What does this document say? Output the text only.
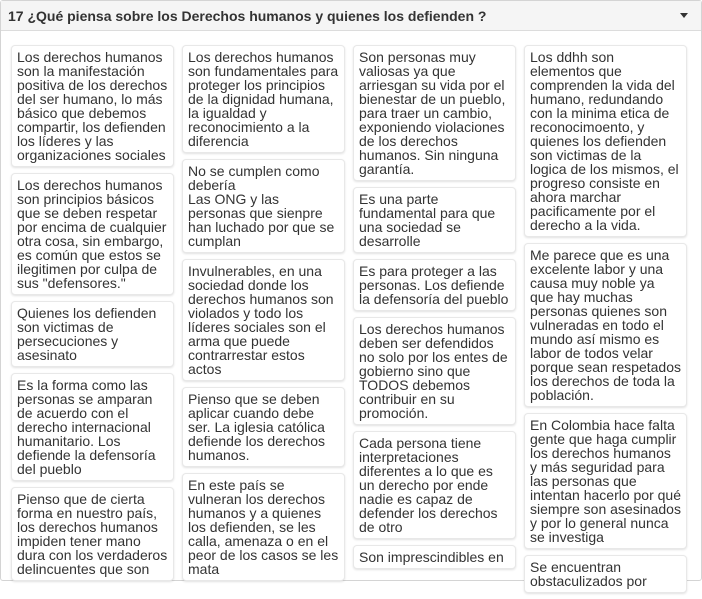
17 ¿Qué piensa sobre los Derechos humanos y quienes los defienden ?
Los derechos humanos son la manifestación positiva de los derechos del ser humano, lo más básico que debemos compartir, los defienden los líderes y las organizaciones sociales
Los derechos humanos son principios básicos que se deben respetar por encima de cualquier otra cosa, sin embargo, es común que estos se ilegitimen por culpa de sus "defensores."
Quienes los defienden son victimas de persecuciones y asesinato
Es la forma como las personas se amparan de acuerdo con el derecho internacional humanitario. Los defiende la defensoría del pueblo
Pienso que de cierta forma en nuestro país, los derechos humanos impiden tener mano dura con los verdaderos delincuentes que son
Los derechos humanos son fundamentales para proteger los principios de la dignidad humana, la igualdad y reconocimiento a la diferencia
No se cumplen como debería
Las ONG y las personas que sienpre han luchado por que se cumplan
Invulnerables, en una sociedad donde los derechos humanos son violados y todo los líderes sociales son el arma que puede contrarrestar estos actos
Pienso que se deben aplicar cuando debe ser. La iglesia católica defiende los derechos humanos.
En este país se vulneran los derechos humanos y a quienes los defienden, se les calla, amenaza o en el peor de los casos se les mata
Son personas muy valiosas ya que arriesgan su vida por el bienestar de un pueblo, para traer un cambio, exponiendo violaciones de los derechos humanos. Sin ninguna garantía.
Es una parte fundamental para que una sociedad se desarrolle
Es para proteger a las personas. Los defiende la defensoría del pueblo
Los derechos humanos deben ser defendidos no solo por los entes de gobierno sino que TODOS debemos contribuir en su promoción.
Cada persona tiene interpretaciones diferentes a lo que es un derecho por ende nadie es capaz de defender los derechos de otro
Son imprescindibles en
Los ddhh son elementos que comprenden la vida del humano, redundando con la minima etica de reconocimoento, y quienes los defienden son victimas de la logica de los mismos, el progreso consiste en ahora marchar pacificamente por el derecho a la vida.
Me parece que es una excelente labor y una causa muy noble ya que hay muchas personas quienes son vulneradas en todo el mundo así mismo es labor de todos velar porque sean respetados los derechos de toda la población.
En Colombia hace falta gente que haga cumplir los derechos humanos y más seguridad para las personas que intentan hacerlo por qué siempre son asesinados y por lo general nunca se investiga
Se encuentran obstaculizados por
